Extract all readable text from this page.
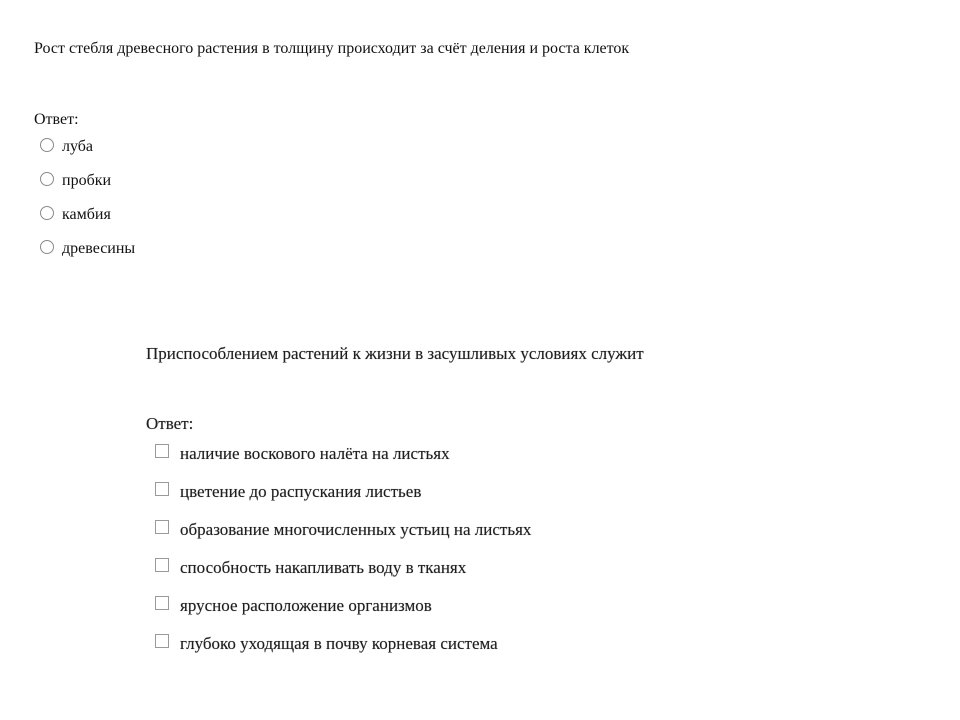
Рост стебля древесного растения в толщину происходит за счёт деления и роста клеток

Ответ:

луба
пробки
камбия
древесины

Приспособлением растений к жизни в засушливых условиях служит

Ответ:

наличие воскового налёта на листьях
цветение до распускания листьев
образование многочисленных устьиц на листьях
способность накапливать воду в тканях
ярусное расположение организмов
глубоко уходящая в почву корневая система
